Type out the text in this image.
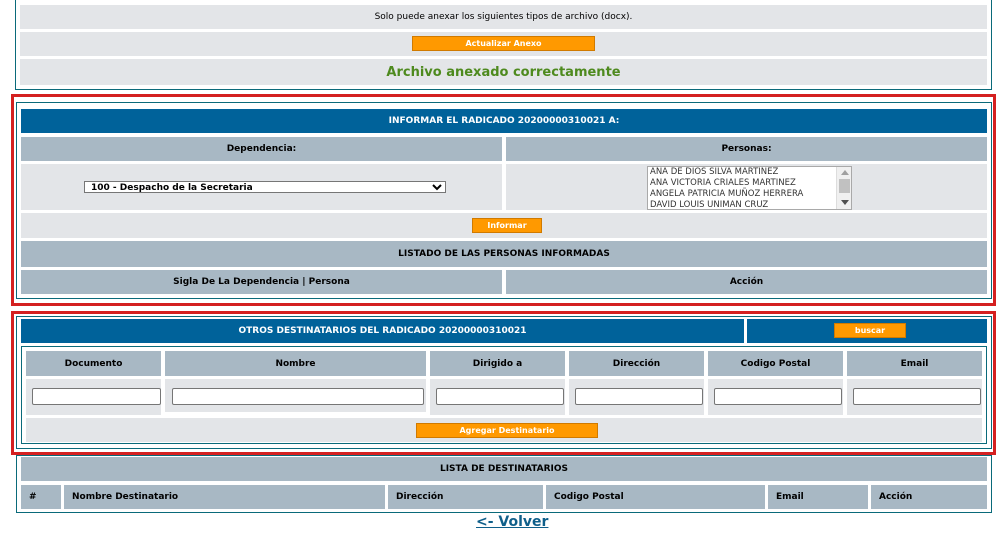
Solo puede anexar los siguientes tipos de archivo (docx).
Actualizar Anexo
Archivo anexado correctamente
INFORMAR EL RADICADO 20200000310021 A:
Dependencia:	Personas:
100 - Despacho de la Secretaria
ANA DE DIOS SILVA MARTINEZ
ANA VICTORIA CRIALES MARTINEZ
ANGELA PATRICIA MUÑOZ HERRERA
DAVID LOUIS UNIMAN CRUZ
Informar
LISTADO DE LAS PERSONAS INFORMADAS
Sigla De La Dependencia | Persona	Acción
OTROS DESTINATARIOS DEL RADICADO 20200000310021	buscar
Documento	Nombre	Dirigido a	Dirección	Codigo Postal	Email
Agregar Destinatario
LISTA DE DESTINATARIOS
#	Nombre Destinatario	Dirección	Codigo Postal	Email	Acción
<- Volver
